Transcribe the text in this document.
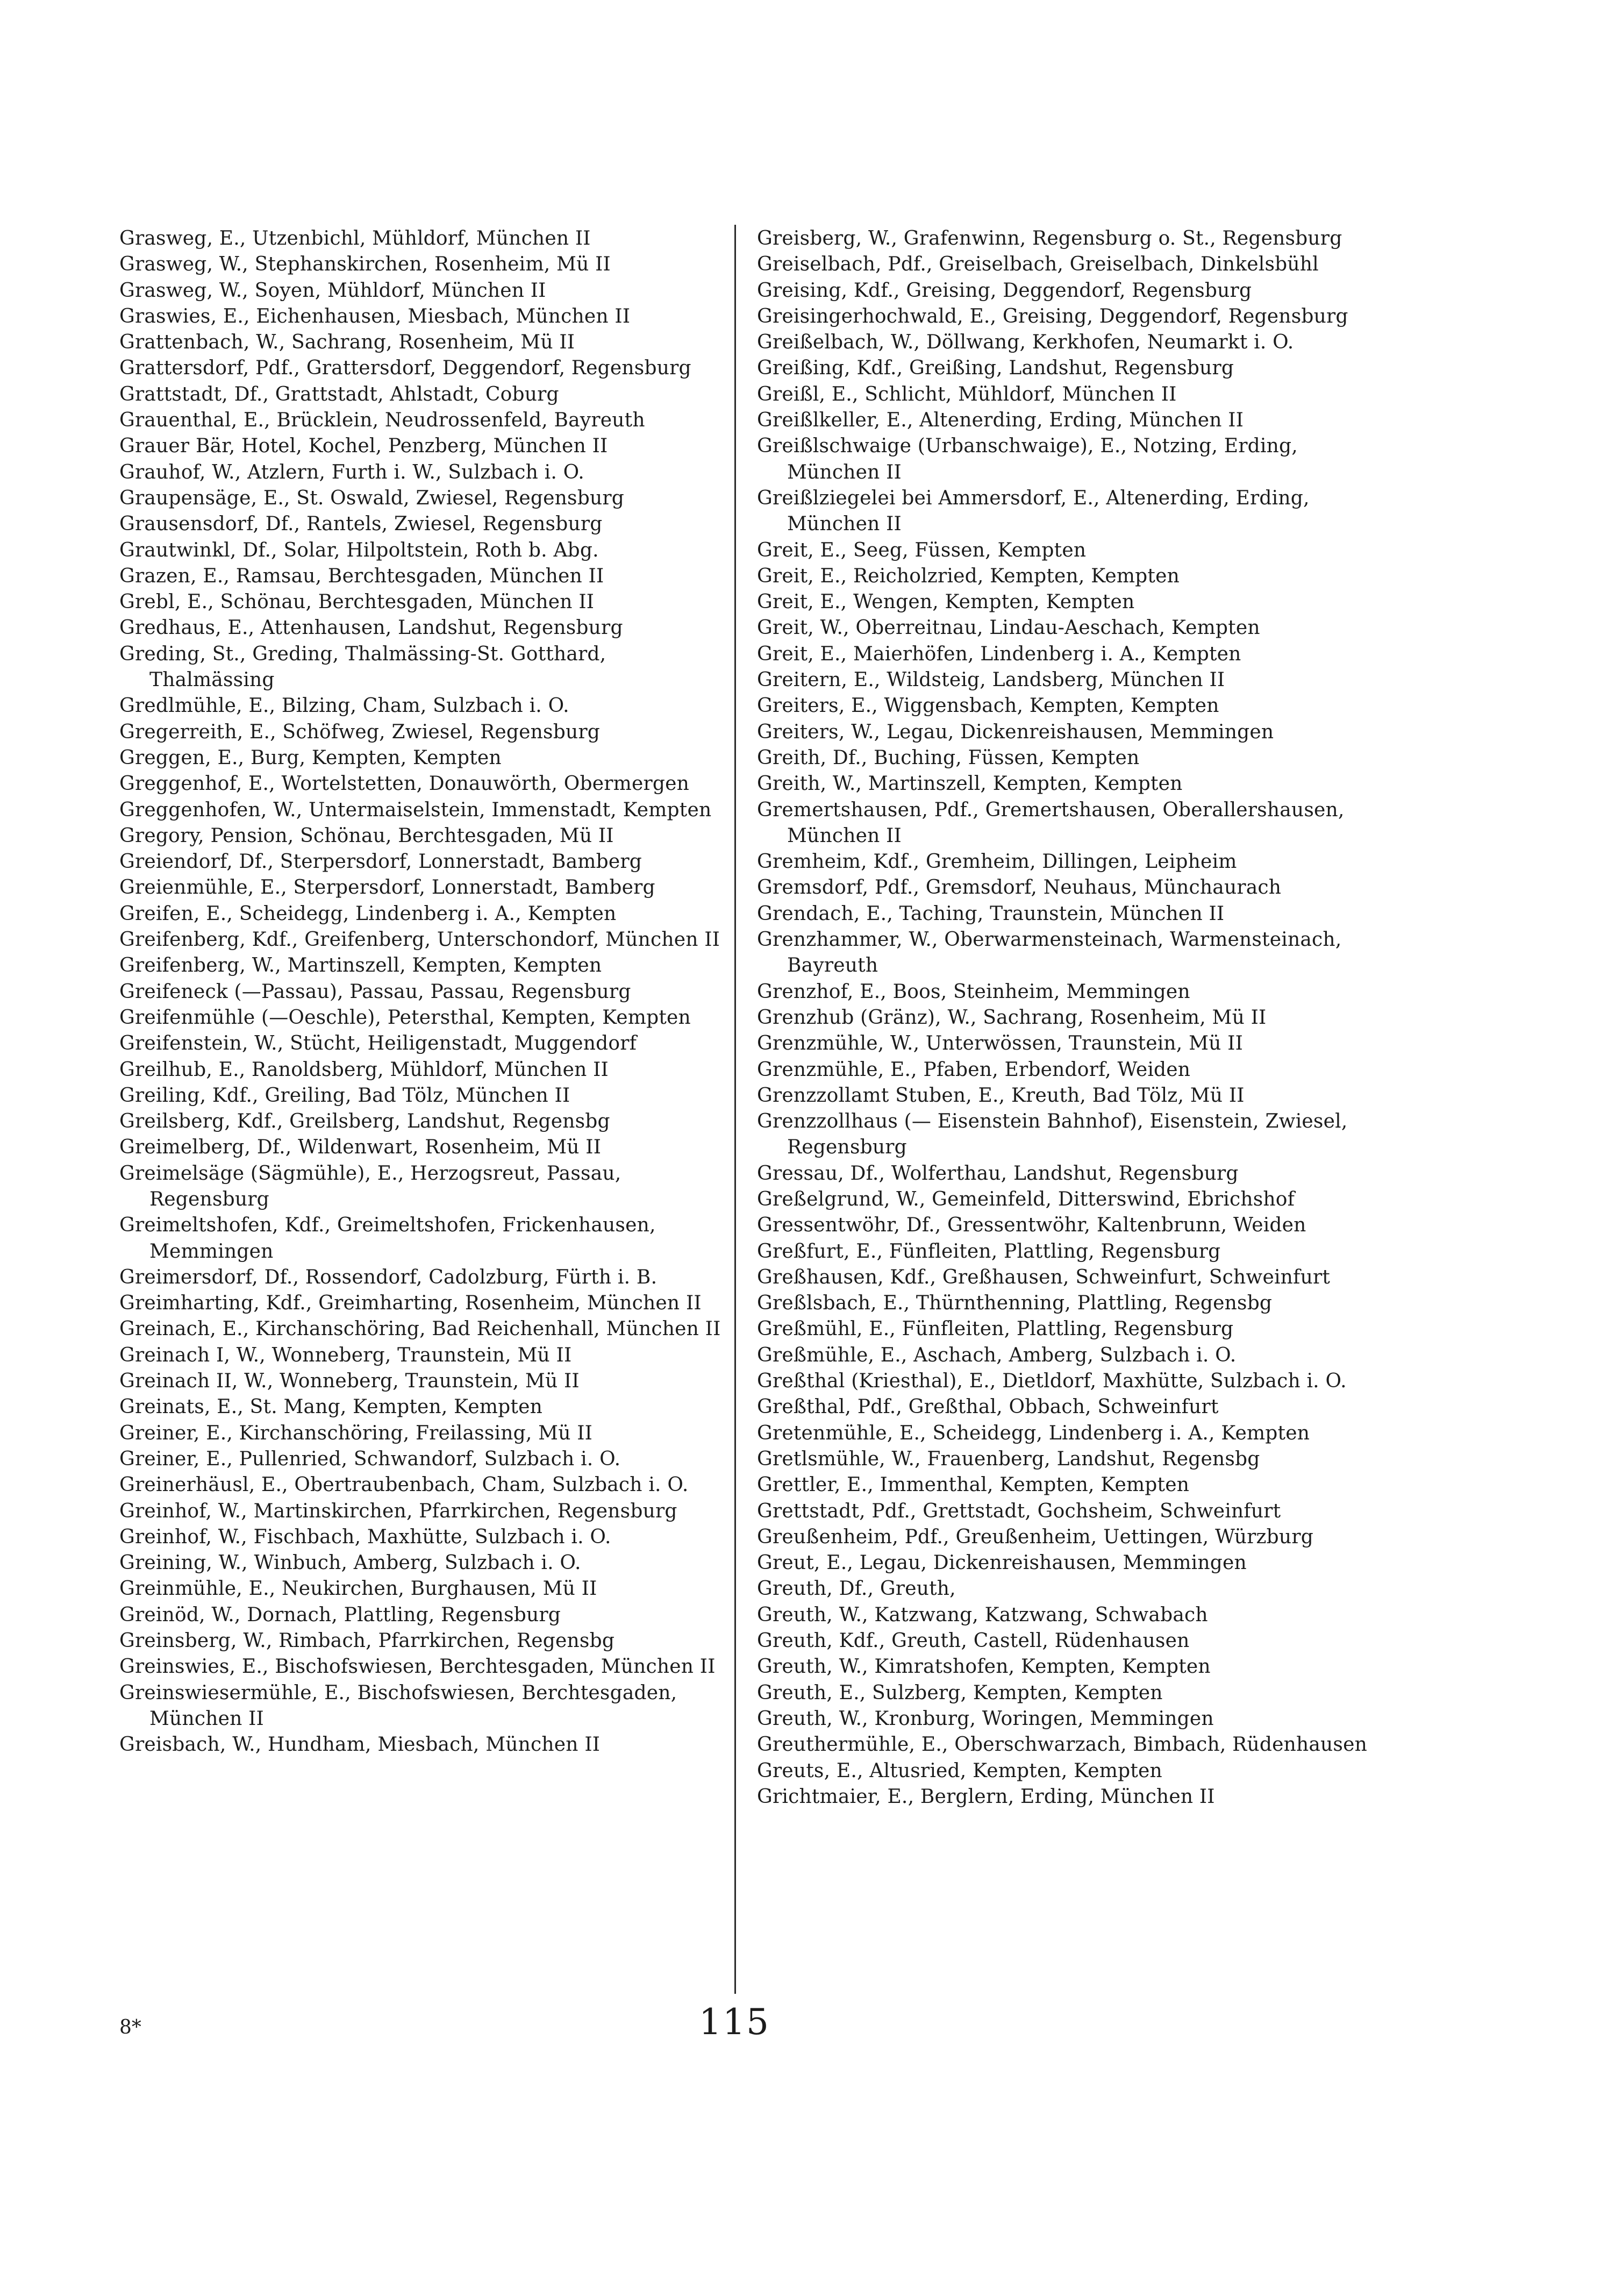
Grasweg, E., Utzenbichl, Mühldorf, München II

Grasweg, W., Stephanskirchen, Rosenheim, Mü II

Grasweg, W., Soyen, Mühldorf, München II

Graswies, E., Eichenhausen, Miesbach, München II

Grattenbach, W., Sachrang, Rosenheim, Mü II

Grattersdorf, Pdf., Grattersdorf, Deggendorf, Regensburg

Grattstadt, Df., Grattstadt, Ahlstadt, Coburg

Grauenthal, E., Brücklein, Neudrossenfeld, Bayreuth

Grauer Bär, Hotel, Kochel, Penzberg, München II

Grauhof, W., Atzlern, Furth i. W., Sulzbach i. O.

Graupensäge, E., St. Oswald, Zwiesel, Regensburg

Grausensdorf, Df., Rantels, Zwiesel, Regensburg

Grautwinkl, Df., Solar, Hilpoltstein, Roth b. Abg.

Grazen, E., Ramsau, Berchtesgaden, München II

Grebl, E., Schönau, Berchtesgaden, München II

Gredhaus, E., Attenhausen, Landshut, Regensburg

Greding, St., Greding, Thalmässing-St. Gotthard, Thalmässing

Gredlmühle, E., Bilzing, Cham, Sulzbach i. O.

Gregerreith, E., Schöfweg, Zwiesel, Regensburg

Greggen, E., Burg, Kempten, Kempten

Greggenhof, E., Wortelstetten, Donauwörth, Obermergen

Greggenhofen, W., Untermaiselstein, Immenstadt, Kempten

Gregory, Pension, Schönau, Berchtesgaden, Mü II

Greiendorf, Df., Sterpersdorf, Lonnerstadt, Bamberg

Greienmühle, E., Sterpersdorf, Lonnerstadt, Bamberg

Greifen, E., Scheidegg, Lindenberg i. A., Kempten

Greifenberg, Kdf., Greifenberg, Unterschondorf, München II

Greifenberg, W., Martinszell, Kempten, Kempten

Greifeneck (—Passau), Passau, Passau, Regensburg

Greifenmühle (—Oeschle), Petersthal, Kempten, Kempten

Greifenstein, W., Stücht, Heiligenstadt, Muggendorf

Greilhub, E., Ranoldsberg, Mühldorf, München II

Greiling, Kdf., Greiling, Bad Tölz, München II

Greilsberg, Kdf., Greilsberg, Landshut, Regensbg

Greimelberg, Df., Wildenwart, Rosenheim, Mü II

Greimelsäge (Sägmühle), E., Herzogsreut, Passau, Regensburg

Greimeltshofen, Kdf., Greimeltshofen, Frickenhausen, Memmingen

Greimersdorf, Df., Rossendorf, Cadolzburg, Fürth i. B.

Greimharting, Kdf., Greimharting, Rosenheim, München II

Greinach, E., Kirchanschöring, Bad Reichenhall, München II

Greinach I, W., Wonneberg, Traunstein, Mü II

Greinach II, W., Wonneberg, Traunstein, Mü II

Greinats, E., St. Mang, Kempten, Kempten

Greiner, E., Kirchanschöring, Freilassing, Mü II

Greiner, E., Pullenried, Schwandorf, Sulzbach i. O.

Greinerhäusl, E., Obertraubenbach, Cham, Sulzbach i. O.

Greinhof, W., Martinskirchen, Pfarrkirchen, Regensburg

Greinhof, W., Fischbach, Maxhütte, Sulzbach i. O.

Greining, W., Winbuch, Amberg, Sulzbach i. O.

Greinmühle, E., Neukirchen, Burghausen, Mü II

Greinöd, W., Dornach, Plattling, Regensburg

Greinsberg, W., Rimbach, Pfarrkirchen, Regensbg

Greinswies, E., Bischofswiesen, Berchtesgaden, München II

Greinswiesermühle, E., Bischofswiesen, Berchtesgaden, München II

Greisbach, W., Hundham, Miesbach, München II

Greisberg, W., Grafenwinn, Regensburg o. St., Regensburg

Greiselbach, Pdf., Greiselbach, Greiselbach, Dinkelsbühl

Greising, Kdf., Greising, Deggendorf, Regensburg

Greisingerhochwald, E., Greising, Deggendorf, Regensburg

Greißelbach, W., Döllwang, Kerkhofen, Neumarkt i. O.

Greißing, Kdf., Greißing, Landshut, Regensburg

Greißl, E., Schlicht, Mühldorf, München II

Greißlkeller, E., Altenerding, Erding, München II

Greißlschwaige (Urbanschwaige), E., Notzing, Erding, München II

Greißlziegelei bei Ammersdorf, E., Altenerding, Erding, München II

Greit, E., Seeg, Füssen, Kempten

Greit, E., Reicholzried, Kempten, Kempten

Greit, E., Wengen, Kempten, Kempten

Greit, W., Oberreitnau, Lindau-Aeschach, Kempten

Greit, E., Maierhöfen, Lindenberg i. A., Kempten

Greitern, E., Wildsteig, Landsberg, München II

Greiters, E., Wiggensbach, Kempten, Kempten

Greiters, W., Legau, Dickenreishausen, Memmingen

Greith, Df., Buching, Füssen, Kempten

Greith, W., Martinszell, Kempten, Kempten

Gremertshausen, Pdf., Gremertshausen, Oberallershausen, München II

Gremheim, Kdf., Gremheim, Dillingen, Leipheim

Gremsdorf, Pdf., Gremsdorf, Neuhaus, Münchaurach

Grendach, E., Taching, Traunstein, München II

Grenzhammer, W., Oberwarmensteinach, Warmensteinach, Bayreuth

Grenzhof, E., Boos, Steinheim, Memmingen

Grenzhub (Gränz), W., Sachrang, Rosenheim, Mü II

Grenzmühle, W., Unterwössen, Traunstein, Mü II

Grenzmühle, E., Pfaben, Erbendorf, Weiden

Grenzzollamt Stuben, E., Kreuth, Bad Tölz, Mü II

Grenzzollhaus (— Eisenstein Bahnhof), Eisenstein, Zwiesel, Regensburg

Gressau, Df., Wolferthau, Landshut, Regensburg

Greßelgrund, W., Gemeinfeld, Ditterswind, Ebrichshof

Gressentwöhr, Df., Gressentwöhr, Kaltenbrunn, Weiden

Greßfurt, E., Fünfleiten, Plattling, Regensburg

Greßhausen, Kdf., Greßhausen, Schweinfurt, Schweinfurt

Greßlsbach, E., Thürnthenning, Plattling, Regensbg

Greßmühl, E., Fünfleiten, Plattling, Regensburg

Greßmühle, E., Aschach, Amberg, Sulzbach i. O.

Greßthal (Kriesthal), E., Dietldorf, Maxhütte, Sulzbach i. O.

Greßthal, Pdf., Greßthal, Obbach, Schweinfurt

Gretenmühle, E., Scheidegg, Lindenberg i. A., Kempten

Gretlsmühle, W., Frauenberg, Landshut, Regensbg

Grettler, E., Immenthal, Kempten, Kempten

Grettstadt, Pdf., Grettstadt, Gochsheim, Schweinfurt

Greußenheim, Pdf., Greußenheim, Uettingen, Würzburg

Greut, E., Legau, Dickenreishausen, Memmingen

Greuth, Df., Greuth,

Greuth, W., Katzwang, Katzwang, Schwabach

Greuth, Kdf., Greuth, Castell, Rüdenhausen

Greuth, W., Kimratshofen, Kempten, Kempten

Greuth, E., Sulzberg, Kempten, Kempten

Greuth, W., Kronburg, Woringen, Memmingen

Greuthermühle, E., Oberschwarzach, Bimbach, Rüdenhausen

Greuts, E., Altusried, Kempten, Kempten

Grichtmaier, E., Berglern, Erding, München II

8*	115
